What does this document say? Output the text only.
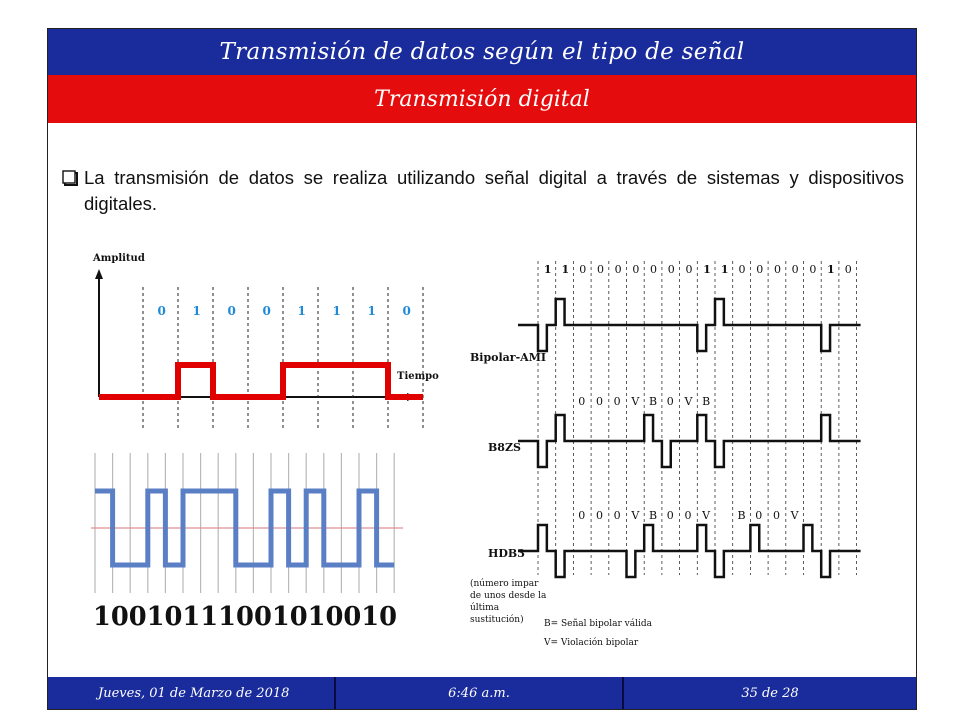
Transmisión de datos según el tipo de señal
Transmisión digital
La transmisión de datos se realiza utilizando señal digital a través de sistemas y dispositivos digitales.
Amplitud
Tiempo
0 1 0 0 1 1 1 0
10010111001010010
1 1 0 0 0 0 0 0 0 1 1 0 0 0 0 0 1 0
0 0 0 V B 0 V B
0 0 0 V B 0 0 V B 0 0 V
Bipolar-AMI
B8ZS
HDB3
(número impar
de unos desde la
última
sustitución) B= Señal bipolar válida
V= Violación bipolar
Jueves, 01 de Marzo de 2018	6:46 a.m.	35 de 28
